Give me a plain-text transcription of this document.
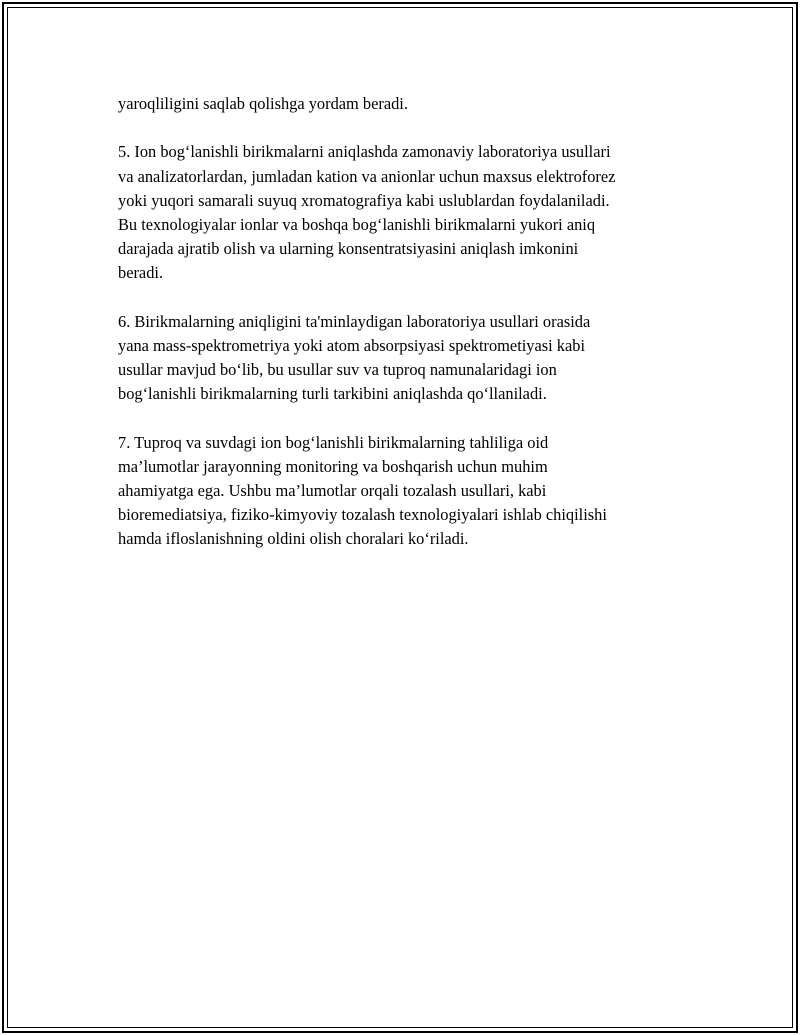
yaroqliligini saqlab qolishga yordam beradi.
5. Ion bog‘lanishli birikmalarni aniqlashda zamonaviy laboratoriya usullari
va analizatorlardan, jumladan kation va anionlar uchun maxsus elektroforez
yoki yuqori samarali suyuq xromatografiya kabi uslublardan foydalaniladi.
Bu texnologiyalar ionlar va boshqa bog‘lanishli birikmalarni yukori aniq
darajada ajratib olish va ularning konsentratsiyasini aniqlash imkonini
beradi.
6. Birikmalarning aniqligini ta'minlaydigan laboratoriya usullari orasida
yana mass-spektrometriya yoki atom absorpsiyasi spektrometiyasi kabi
usullar mavjud bo‘lib, bu usullar suv va tuproq namunalaridagi ion
bog‘lanishli birikmalarning turli tarkibini aniqlashda qo‘llaniladi.
7. Tuproq va suvdagi ion bog‘lanishli birikmalarning tahliliga oid
ma’lumotlar jarayonning monitoring va boshqarish uchun muhim
ahamiyatga ega. Ushbu ma’lumotlar orqali tozalash usullari, kabi
bioremediatsiya, fiziko-kimyoviy tozalash texnologiyalari ishlab chiqilishi
hamda ifloslanishning oldini olish choralari ko‘riladi.
